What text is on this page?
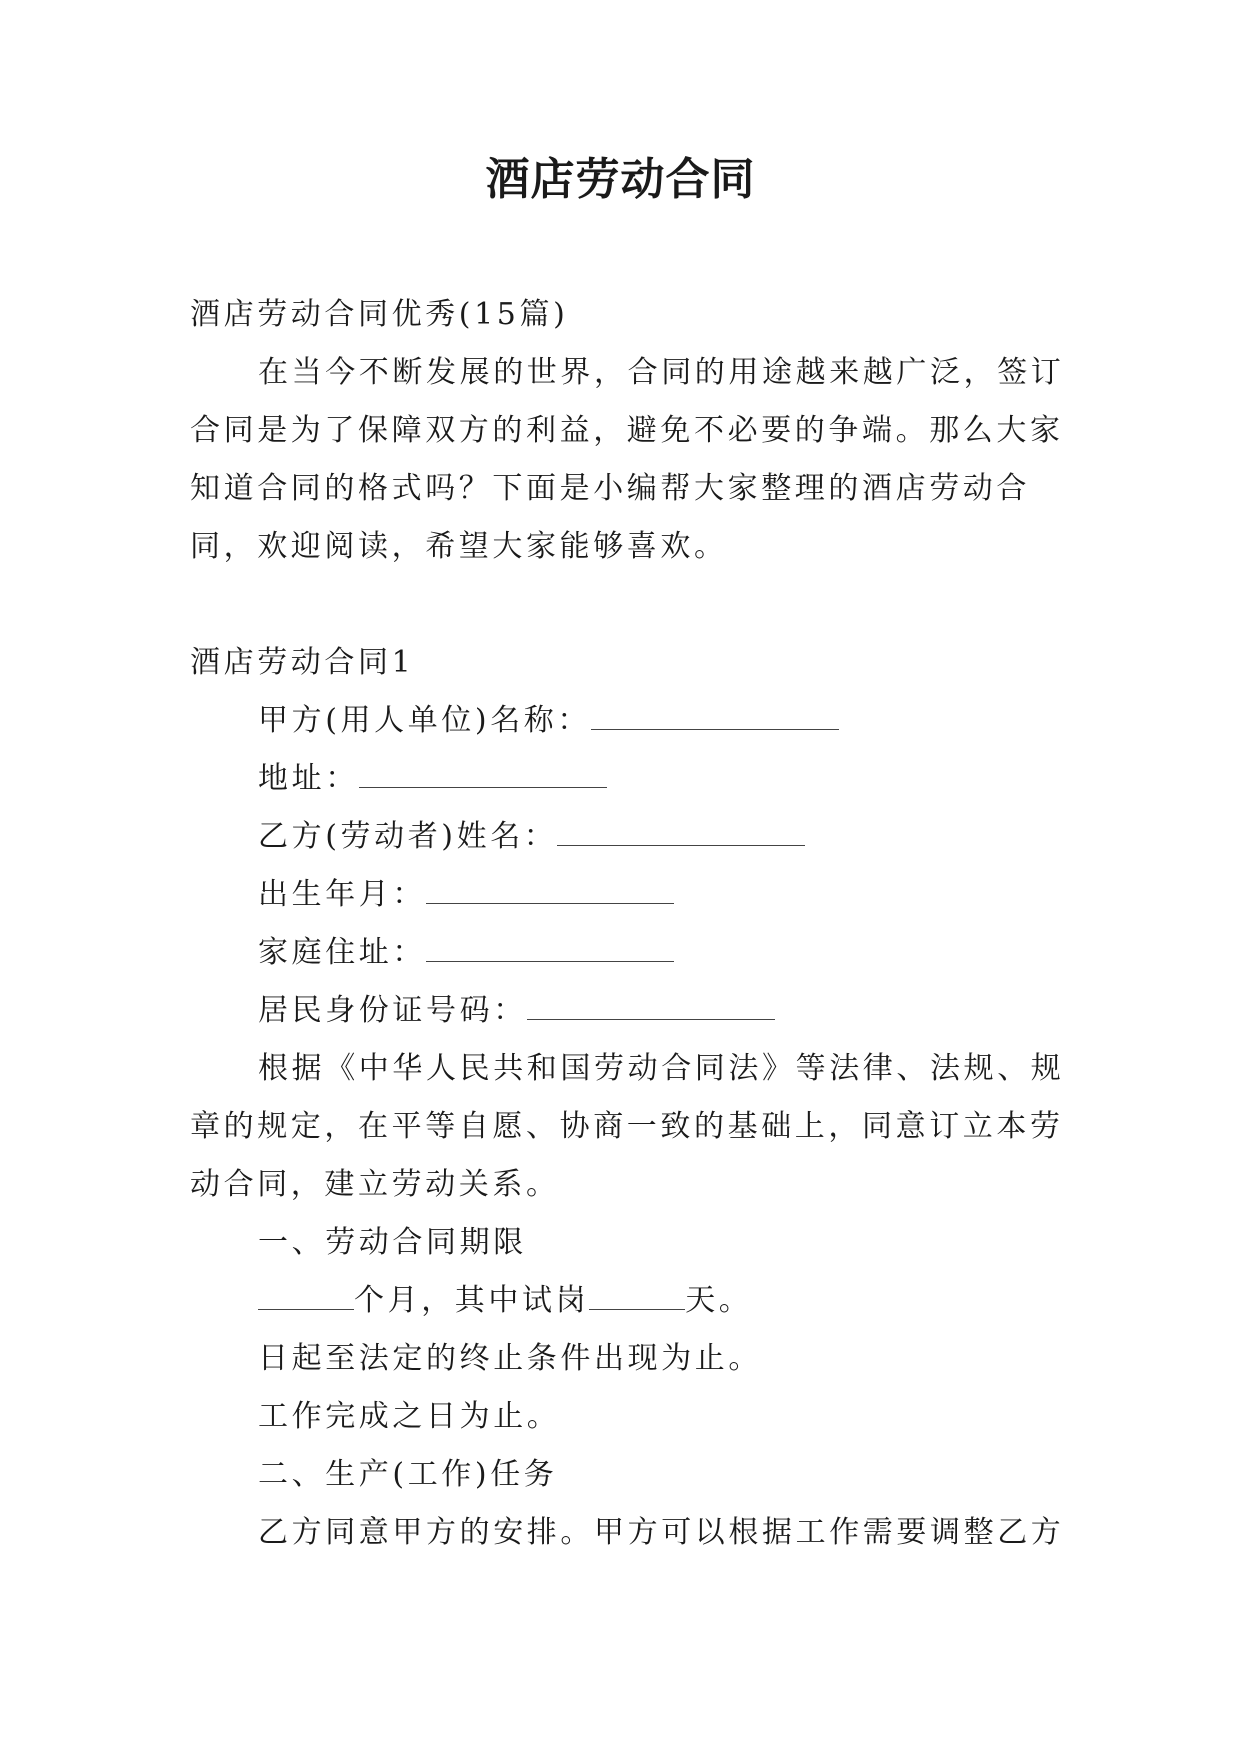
酒店劳动合同

酒店劳动合同优秀(15篇)

在当今不断发展的世界，合同的用途越来越广泛，签订

合同是为了保障双方的利益，避免不必要的争端。那么大家

知道合同的格式吗？下面是小编帮大家整理的酒店劳动合

同，欢迎阅读，希望大家能够喜欢。

酒店劳动合同1

甲方(用人单位)名称：

地址：

乙方(劳动者)姓名：

出生年月：

家庭住址：

居民身份证号码：

根据《中华人民共和国劳动合同法》等法律、法规、规

章的规定，在平等自愿、协商一致的基础上，同意订立本劳

动合同，建立劳动关系。

一、劳动合同期限

个月，其中试岗	天。

日起至法定的终止条件出现为止。

工作完成之日为止。

二、生产(工作)任务

乙方同意甲方的安排。甲方可以根据工作需要调整乙方
